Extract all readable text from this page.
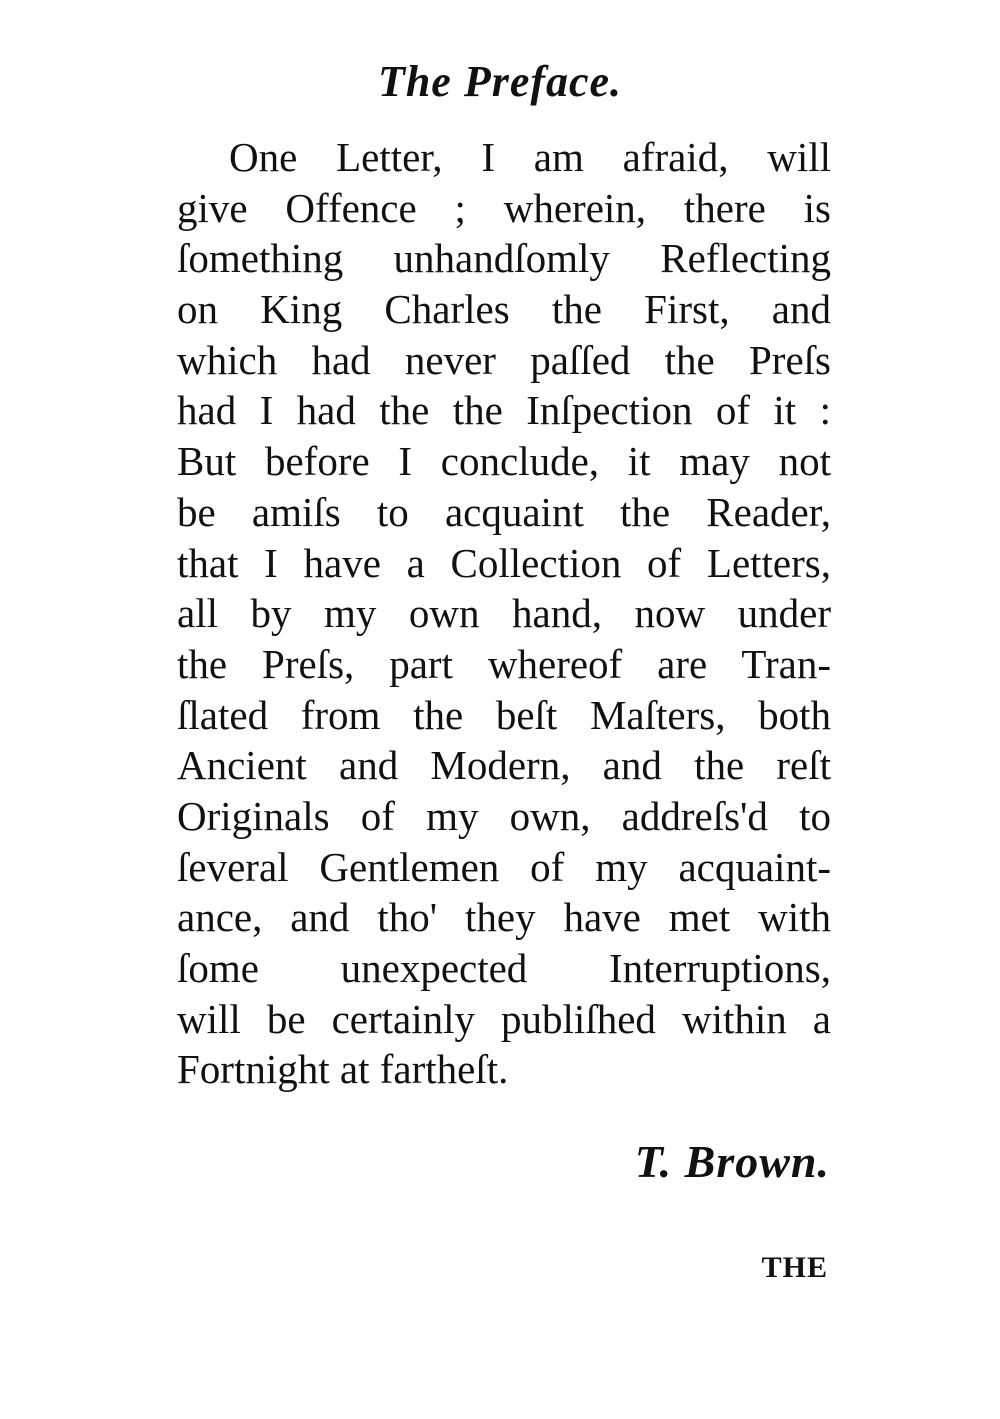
The Preface.
One Letter, I am afraid, will
give Offence ; wherein, there is
ſomething unhandſomly Reflecting
on King Charles the First, and
which had never paſſed the Preſs
had I had the the Inſpection of it :
But before I conclude, it may not
be amiſs to acquaint the Reader,
that I have a Collection of Letters,
all by my own hand, now under
the Preſs, part whereof are Tran-
ſlated from the beſt Maſters, both
Ancient and Modern, and the reſt
Originals of my own, addreſs'd to
ſeveral Gentlemen of my acquaint-
ance, and tho' they have met with
ſome unexpected Interruptions,
will be certainly publiſhed within a
Fortnight at fartheſt.
T. Brown.
THE
